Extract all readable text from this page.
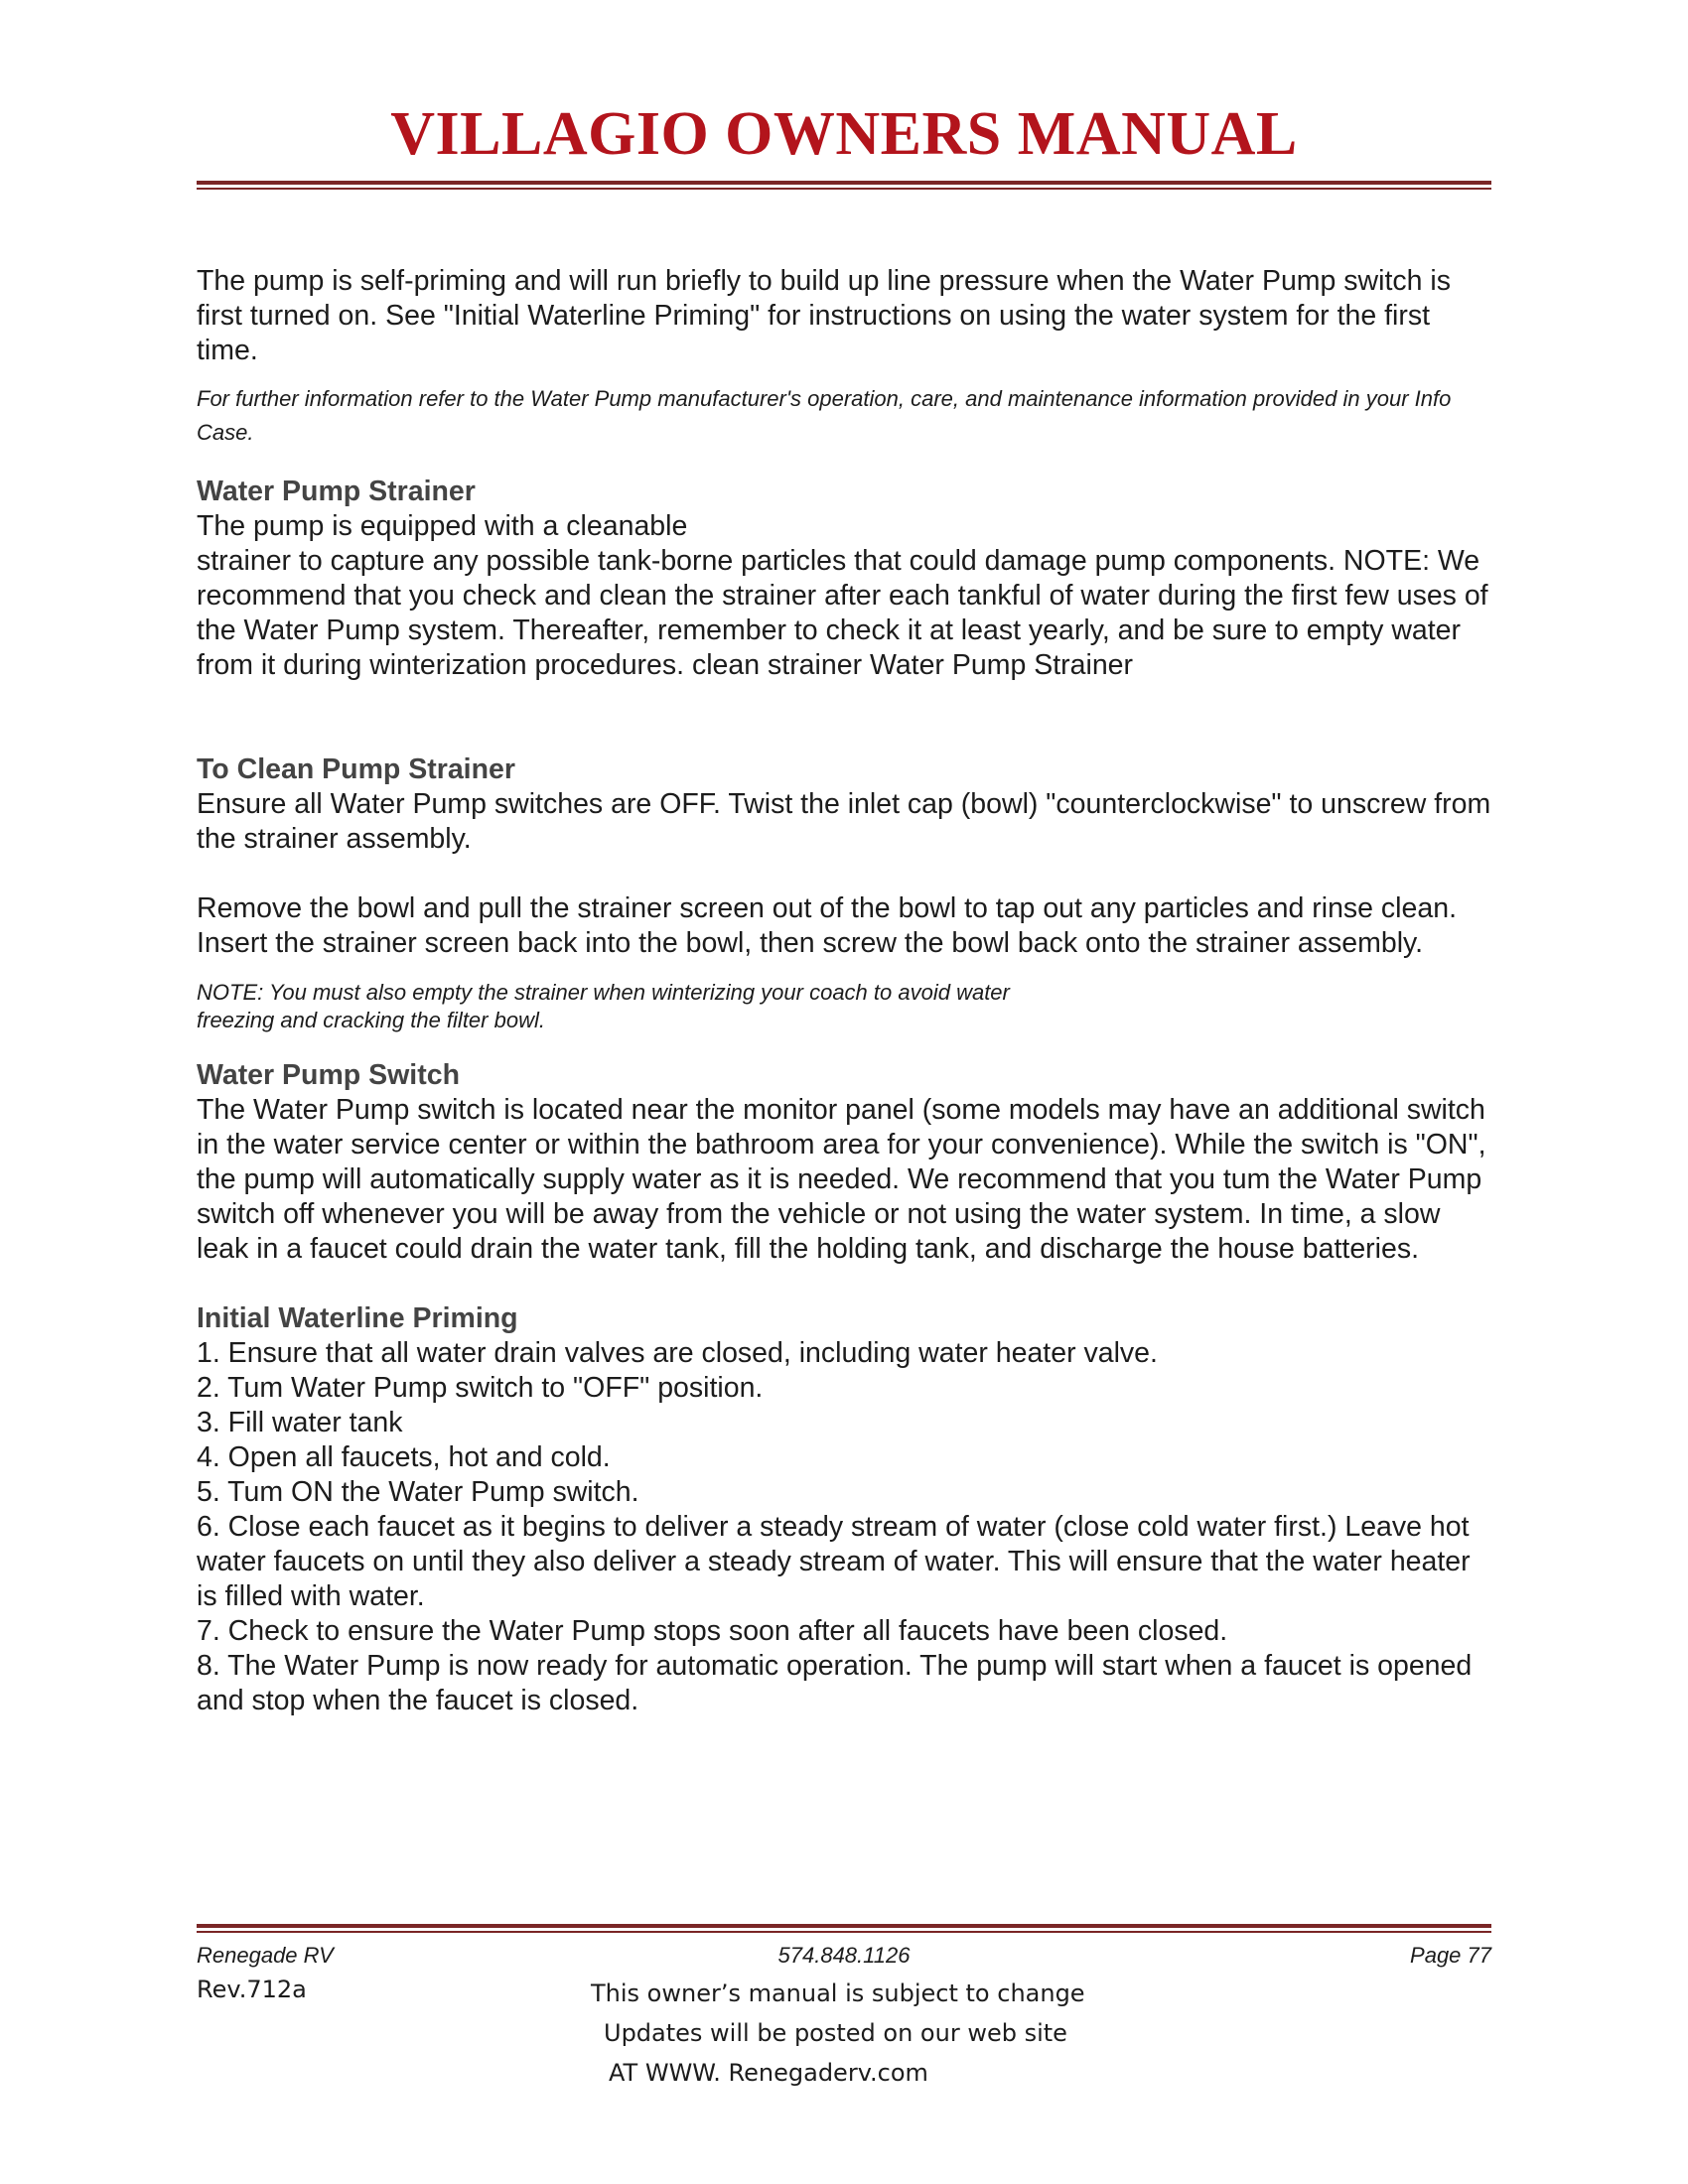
VILLAGIO OWNERS MANUAL

The pump is self-priming and will run briefly to build up line pressure when the Water Pump switch is first turned on. See "Initial Waterline Priming" for instructions on using the water system for the first time.

For further information refer to the Water Pump manufacturer's operation, care, and maintenance information provided in your Info Case.

Water Pump Strainer

The pump is equipped with a cleanable

strainer to capture any possible tank-borne particles that could damage pump components. NOTE: We recommend that you check and clean the strainer after each tankful of water during the first few uses of the Water Pump system. Thereafter, remember to check it at least yearly, and be sure to empty water from it during winterization procedures. clean strainer Water Pump Strainer

To Clean Pump Strainer

Ensure all Water Pump switches are OFF. Twist the inlet cap (bowl) "counterclockwise" to unscrew from the strainer assembly.

Remove the bowl and pull the strainer screen out of the bowl to tap out any particles and rinse clean. Insert the strainer screen back into the bowl, then screw the bowl back onto the strainer assembly.

NOTE: You must also empty the strainer when winterizing your coach to avoid water

freezing and cracking the filter bowl.

Water Pump Switch

The Water Pump switch is located near the monitor panel (some models may have an additional switch in the water service center or within the bathroom area for your convenience). While the switch is "ON", the pump will automatically supply water as it is needed. We recommend that you tum the Water Pump switch off whenever you will be away from the vehicle or not using the water system. In time, a slow leak in a faucet could drain the water tank, fill the holding tank, and discharge the house batteries.

Initial Waterline Priming

1. Ensure that all water drain valves are closed, including water heater valve.

2. Tum Water Pump switch to "OFF" position.

3. Fill water tank

4. Open all faucets, hot and cold.

5. Tum ON the Water Pump switch.

6. Close each faucet as it begins to deliver a steady stream of water (close cold water first.) Leave hot water faucets on until they also deliver a steady stream of water. This will ensure that the water heater is filled with water.

7. Check to ensure the Water Pump stops soon after all faucets have been closed.

8. The Water Pump is now ready for automatic operation. The pump will start when a faucet is opened and stop when the faucet is closed.

Renegade RV	574.848.1126	Page 77
Rev.712a	This owner’s manual is subject to change
Updates will be posted on our web site
AT WWW. Renegaderv.com
